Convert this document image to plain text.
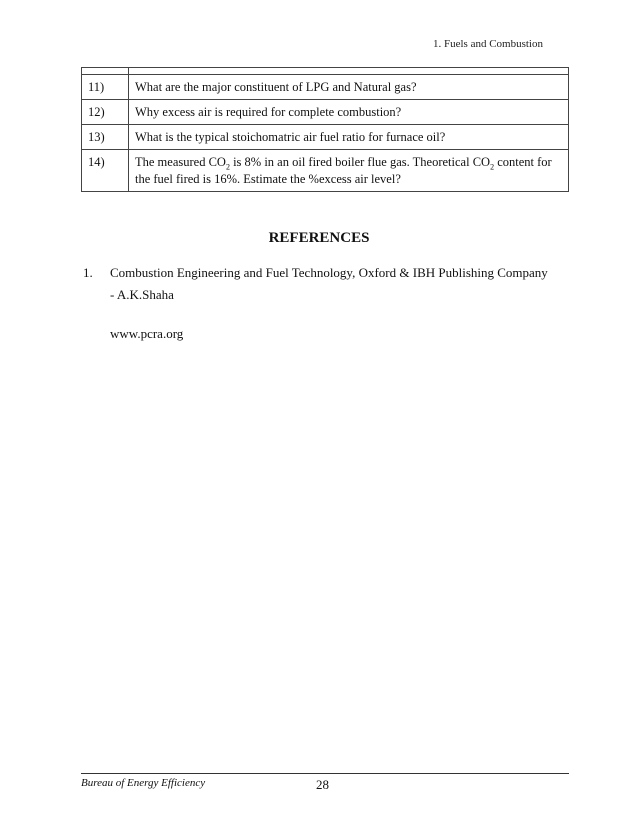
1. Fuels and Combustion

11)	What are the major constituent of LPG and Natural gas?
12)	Why excess air is required for complete combustion?
13)	What is the typical stoichomatric air fuel ratio for furnace oil?
14)	The measured $CO_2$ is 8% in an oil fired boiler flue gas. Theoretical $CO_2$ content for the fuel fired is 16%. Estimate the %excess air level?
REFERENCES
1.	Combustion Engineering and Fuel Technology, Oxford & IBH Publishing Company - A.K.Shaha
www.pcra.org
Bureau of Energy Efficiency	28
